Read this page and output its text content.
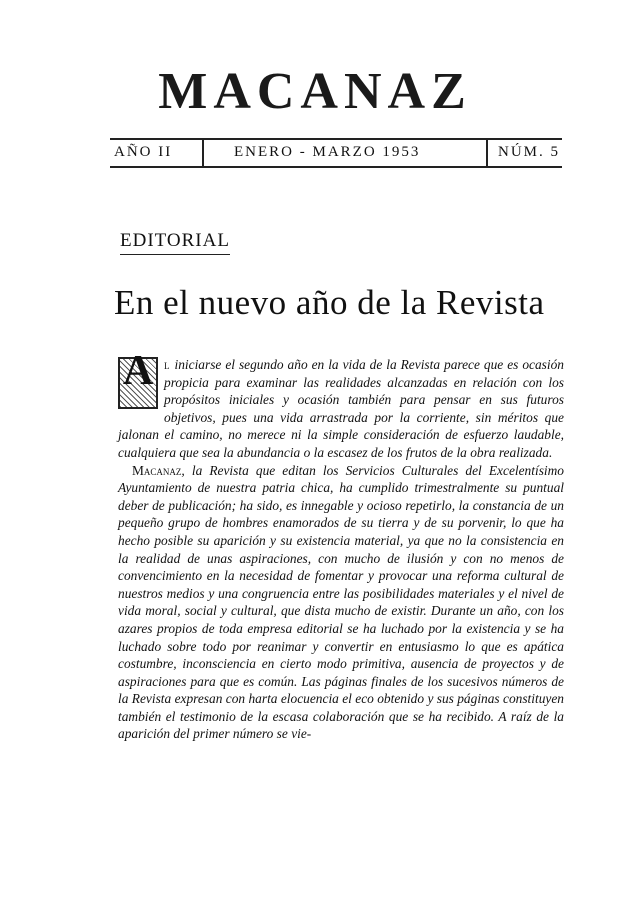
MACANAZ
AÑO II	ENERO - MARZO 1953	NÚM. 5
EDITORIAL
En el nuevo año de la Revista

A l iniciarse el segundo año en la vida de la Revista parece que es ocasión propicia para examinar las realidades alcanzadas en relación con los propósitos iniciales y ocasión también para pensar en sus futuros objetivos, pues una vida arrastrada por la corriente, sin méritos que jalonan el camino, no merece ni la simple consideración de esfuerzo laudable, cualquiera que sea la abundancia o la escasez de los frutos de la obra realizada.

Macanaz, la Revista que editan los Servicios Culturales del Excelentísimo Ayuntamiento de nuestra patria chica, ha cumplido trimestralmente su puntual deber de publicación; ha sido, es innegable y ocioso repetirlo, la constancia de un pequeño grupo de hombres enamorados de su tierra y de su porvenir, lo que ha hecho posible su aparición y su existencia material, ya que no la consistencia en la realidad de unas aspiraciones, con mucho de ilusión y con no menos de convencimiento en la necesidad de fomentar y provocar una reforma cultural de nuestros medios y una congruencia entre las posibilidades materiales y el nivel de vida moral, social y cultural, que dista mucho de existir. Durante un año, con los azares propios de toda empresa editorial se ha luchado por la existencia y se ha luchado sobre todo por reanimar y convertir en entusiasmo lo que es apática costumbre, inconsciencia en cierto modo primitiva, ausencia de proyectos y de aspiraciones para que es común. Las páginas finales de los sucesivos números de la Revista expresan con harta elocuencia el eco obtenido y sus páginas constituyen también el testimonio de la escasa colaboración que se ha recibido. A raíz de la aparición del primer número se vie-
